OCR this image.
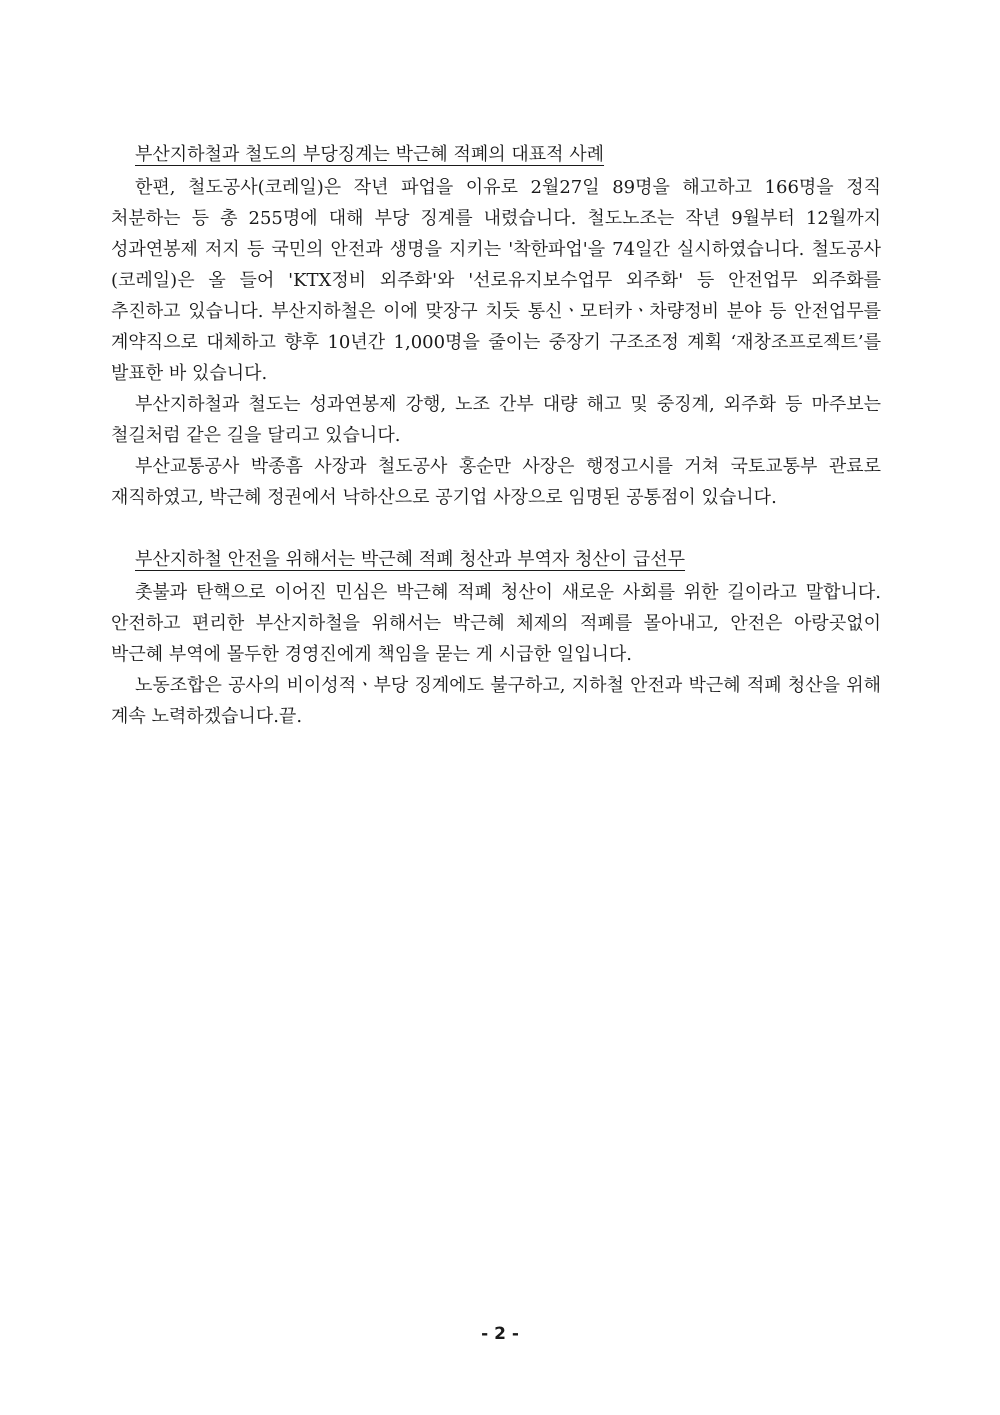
부산지하철과 철도의 부당징계는 박근혜 적폐의 대표적 사례

한편, 철도공사(코레일)은 작년 파업을 이유로 2월27일 89명을 해고하고 166명을 정직 처분하는 등 총 255명에 대해 부당 징계를 내렸습니다. 철도노조는 작년 9월부터 12월까지 성과연봉제 저지 등 국민의 안전과 생명을 지키는 '착한파업'을 74일간 실시하였습니다. 철도공사(코레일)은 올 들어 'KTX정비 외주화'와 '선로유지보수업무 외주화' 등 안전업무 외주화를 추진하고 있습니다. 부산지하철은 이에 맞장구 치듯 통신ㆍ모터카ㆍ차량정비 분야 등 안전업무를 계약직으로 대체하고 향후 10년간 1,000명을 줄이는 중장기 구조조정 계획 ‘재창조프로젝트’를 발표한 바 있습니다.

부산지하철과 철도는 성과연봉제 강행, 노조 간부 대량 해고 및 중징계, 외주화 등 마주보는 철길처럼 같은 길을 달리고 있습니다.

부산교통공사 박종흠 사장과 철도공사 홍순만 사장은 행정고시를 거쳐 국토교통부 관료로 재직하였고, 박근혜 정권에서 낙하산으로 공기업 사장으로 임명된 공통점이 있습니다.

부산지하철 안전을 위해서는 박근혜 적폐 청산과 부역자 청산이 급선무

촛불과 탄핵으로 이어진 민심은 박근혜 적폐 청산이 새로운 사회를 위한 길이라고 말합니다. 안전하고 편리한 부산지하철을 위해서는 박근혜 체제의 적폐를 몰아내고, 안전은 아랑곳없이 박근혜 부역에 몰두한 경영진에게 책임을 묻는 게 시급한 일입니다.

노동조합은 공사의 비이성적ㆍ부당 징계에도 불구하고, 지하철 안전과 박근혜 적폐 청산을 위해 계속 노력하겠습니다.끝.

- 2 -
